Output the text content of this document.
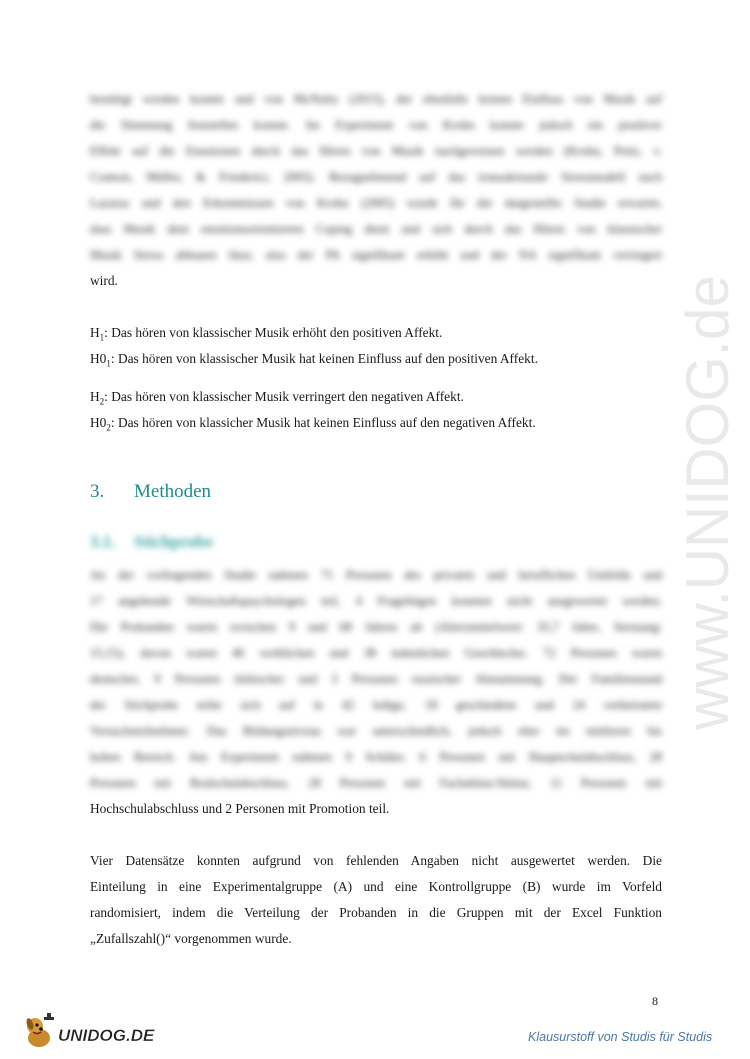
bestätigt werden konnte und von McNulty (2015), der ebenfalls keinen Einfluss von Musik auf
die Stimmung feststellen konnte. Im Experiment von Krohn konnte jedoch ein positiver
Effekt auf die Emotionen durch das Hören von Musik nachgewiesen werden (Krohn, Peitz, v.
Cramon, Müller, & Friederici, 2005). Bezugnehmend auf das transaktionale Stressmodell nach
Lazarus und den Erkenntnissen von Krohn (2005) wurde für die dargestellte Studie erwartet,
dass Musik dem emotionsorientierten Coping dient und sich durch das Hören von klassischer
Musik Stress abbauen lässt, also der PA signifikant erhöht und der NA signifikant verringert
wird.
$H_1$: Das hören von klassischer Musik erhöht den positiven Affekt.
$H0_1$: Das hören von klassischer Musik hat keinen Einfluss auf den positiven Affekt.
$H_2$: Das hören von klassischer Musik verringert den negativen Affekt.
$H0_2$: Das hören von klassicher Musik hat keinen Einfluss auf den negativen Affekt.
3. Methoden
3.1. Stichprobe
An der vorliegenden Studie nahmen 71 Personen des privaten und beruflichen Umfelds und
17 angehende Wirtschaftspsychologen teil, 4 Fragebögen konnten nicht ausgewertet werden.
Die Probanden waren zwischen 9 und 68 Jahren alt (Altersmittelwert: 35,7 Jahre, Streuung:
15,15), davon waren 46 weiblichen und 38 männlichen Geschlechts. 72 Personen waren
deutscher, 9 Personen türkischer und 3 Personen russischer Abstammung. Der Familienstand
der Stichprobe teilte sich auf in 42 ledige, 18 geschiedene und 24 verheiratete
Versuchsteilnehmer. Das Bildungsniveau war unterschiedlich, jedoch eher im mittleren bis
hohen Bereich. Am Experiment nahmen 9 Schüler, 6 Personen mit Hauptschulabschluss, 28
Personen mit Realschulabschluss, 28 Personen mit Fachabitur/Abitur, 11 Personen mit
Hochschulabschluss und 2 Personen mit Promotion teil.
Vier Datensätze konnten aufgrund von fehlenden Angaben nicht ausgewertet werden. Die
Einteilung in eine Experimentalgruppe (A) und eine Kontrollgruppe (B) wurde im Vorfeld
randomisiert, indem die Verteilung der Probanden in die Gruppen mit der Excel Funktion
„Zufallszahl()“ vorgenommen wurde.
www.UNIDOG.de
8
UNIDOG.DE	Klausurstoff von Studis für Studis
